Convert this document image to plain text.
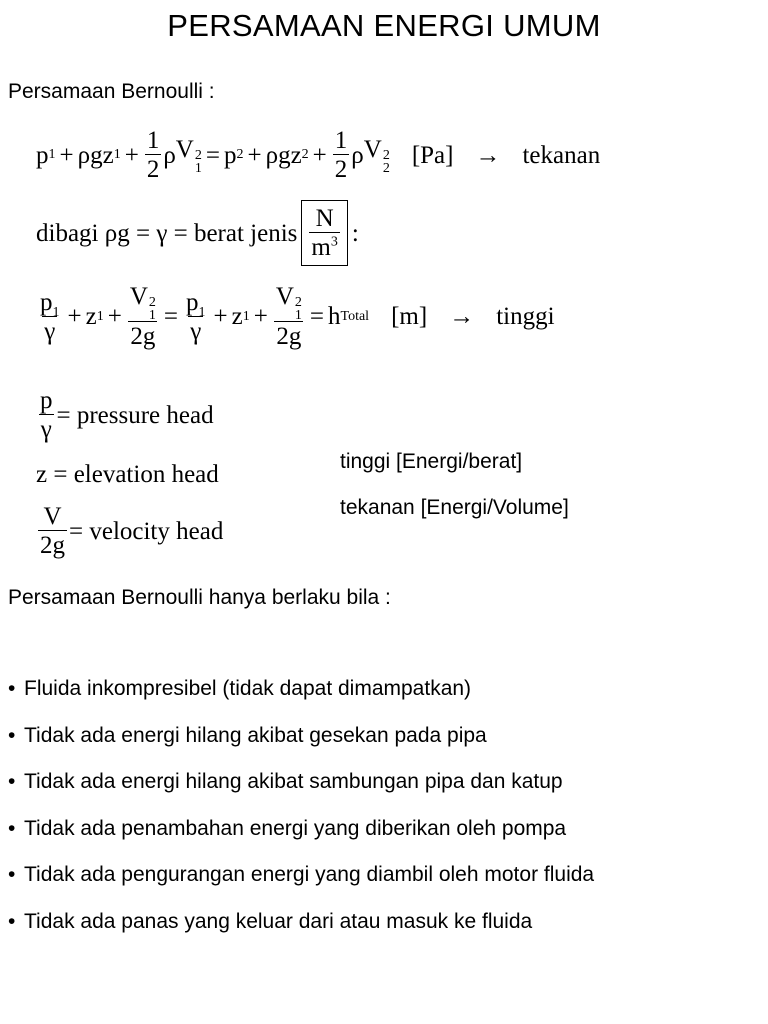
PERSAMAAN ENERGI UMUM
Persamaan Bernoulli :
p 1 + ρ g z $1 + \frac{1}{2}$ ρ V 2
1 = p 2 + ρ g z $2 + \frac{1}{2}$ ρ V 2
2 [Pa] → tekanan
dibagi ρg = γ = berat jenis $\frac{N}{m^3}$ :
$\frac{p_1}{\gamma} + z$ 1 + V 2
1
$2g = \frac{p_1}{\gamma} + z$ 1 + V 2
1
2g = h Total [m] → tinggi
$\frac{p}{\gamma}$ = pressure head
z = elevation head
$\frac{V}{2g}$ = velocity head
tinggi [Energi/berat]
tekanan [Energi/Volume]
Persamaan Bernoulli hanya berlaku bila :
• Fluida inkompresibel (tidak dapat dimampatkan)
• Tidak ada energi hilang akibat gesekan pada pipa
• Tidak ada energi hilang akibat sambungan pipa dan katup
• Tidak ada penambahan energi yang diberikan oleh pompa
• Tidak ada pengurangan energi yang diambil oleh motor fluida
• Tidak ada panas yang keluar dari atau masuk ke fluida
